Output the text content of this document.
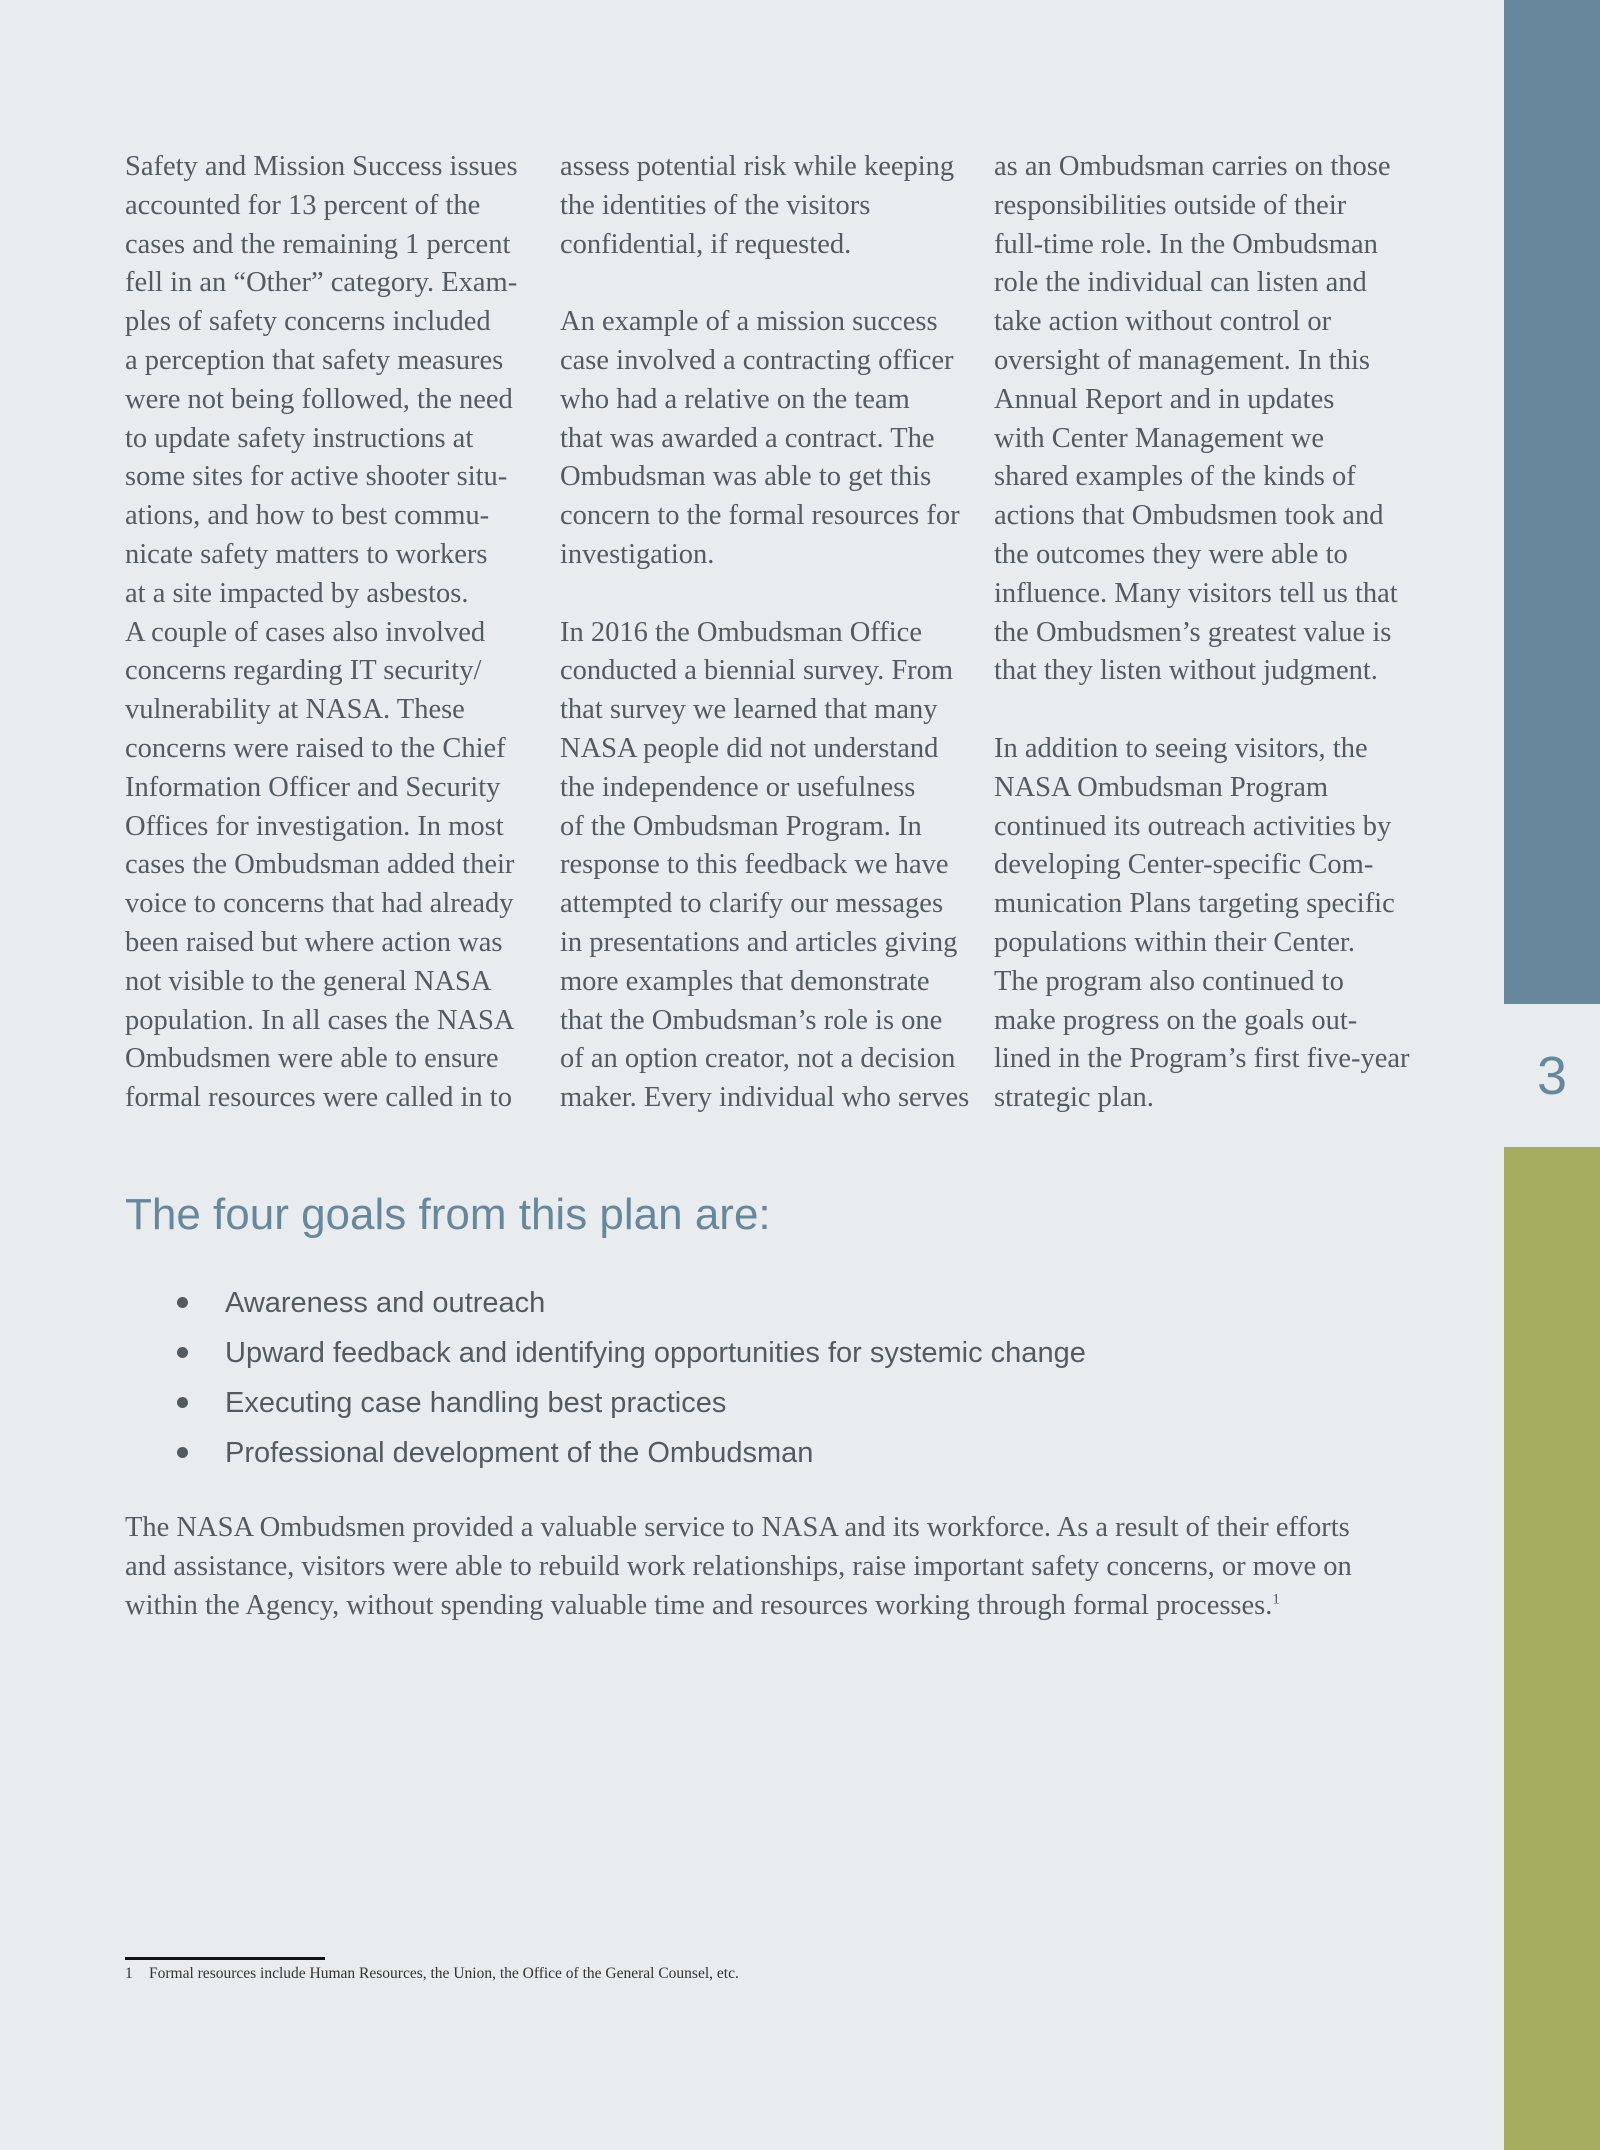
3

Safety and Mission Success issues
accounted for 13 percent of the
cases and the remaining 1 percent
fell in an “Other” category. Exam-
ples of safety concerns included
a perception that safety measures
were not being followed, the need
to update safety instructions at
some sites for active shooter situ-
ations, and how to best commu-
nicate safety matters to workers
at a site impacted by asbestos.
A couple of cases also involved
concerns regarding IT security/
vulnerability at NASA. These
concerns were raised to the Chief
Information Officer and Security
Offices for investigation. In most
cases the Ombudsman added their
voice to concerns that had already
been raised but where action was
not visible to the general NASA
population. In all cases the NASA
Ombudsmen were able to ensure
formal resources were called in to

assess potential risk while keeping
the identities of the visitors
confidential, if requested.

An example of a mission success
case involved a contracting officer
who had a relative on the team
that was awarded a contract. The
Ombudsman was able to get this
concern to the formal resources for
investigation.

In 2016 the Ombudsman Office
conducted a biennial survey. From
that survey we learned that many
NASA people did not understand
the independence or usefulness
of the Ombudsman Program. In
response to this feedback we have
attempted to clarify our messages
in presentations and articles giving
more examples that demonstrate
that the Ombudsman’s role is one
of an option creator, not a decision
maker. Every individual who serves

as an Ombudsman carries on those
responsibilities outside of their
full-time role. In the Ombudsman
role the individual can listen and
take action without control or
oversight of management. In this
Annual Report and in updates
with Center Management we
shared examples of the kinds of
actions that Ombudsmen took and
the outcomes they were able to
influence. Many visitors tell us that
the Ombudsmen’s greatest value is
that they listen without judgment.

In addition to seeing visitors, the
NASA Ombudsman Program
continued its outreach activities by
developing Center-specific Com-
munication Plans targeting specific
populations within their Center.
The program also continued to
make progress on the goals out-
lined in the Program’s first five-year
strategic plan.

The four goals from this plan are:
Awareness and outreach
Upward feedback and identifying opportunities for systemic change
Executing case handling best practices
Professional development of the Ombudsman

The NASA Ombudsmen provided a valuable service to NASA and its workforce. As a result of their efforts
and assistance, visitors were able to rebuild work relationships, raise important safety concerns, or move on
within the Agency, without spending valuable time and resources working through formal processes.$^1$

1 Formal resources include Human Resources, the Union, the Office of the General Counsel, etc.
